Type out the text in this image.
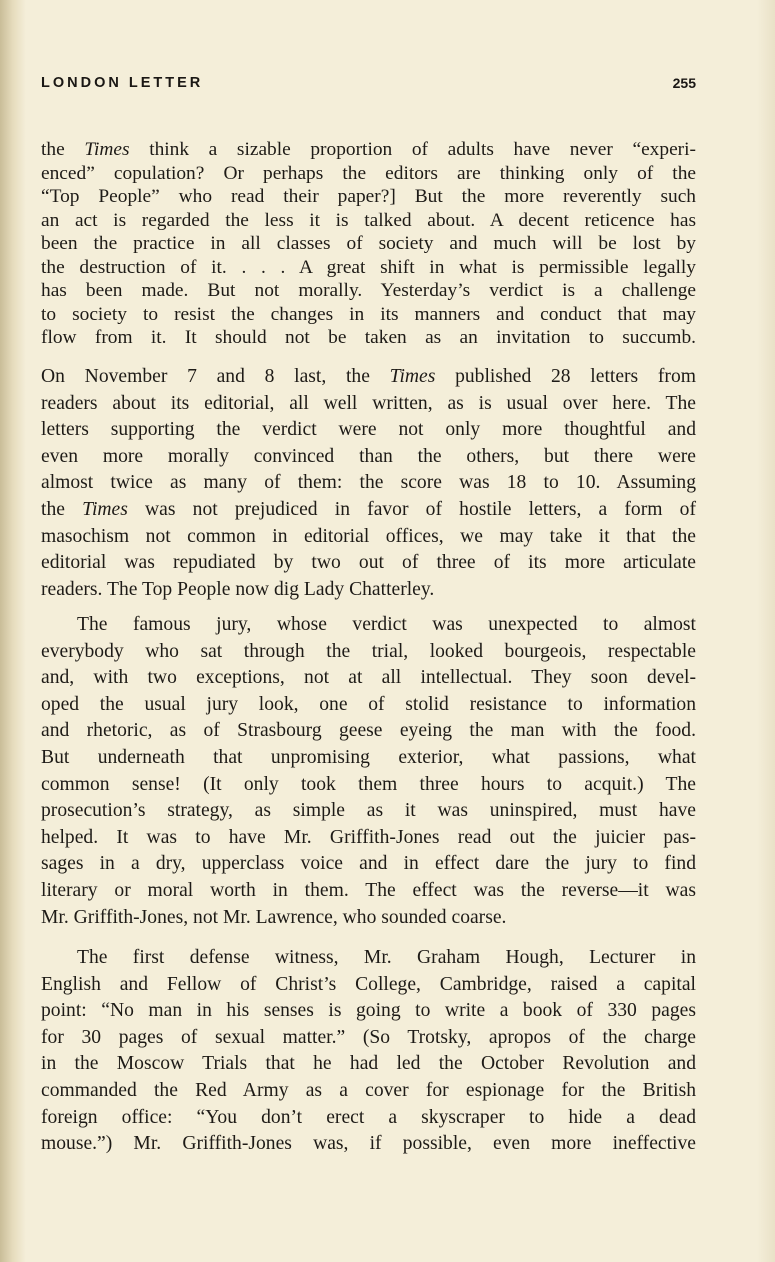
LONDON LETTER	255
the Times think a sizable proportion of adults have never “experi-
enced” copulation? Or perhaps the editors are thinking only of the
“Top People” who read their paper?] But the more reverently such
an act is regarded the less it is talked about. A decent reticence has
been the practice in all classes of society and much will be lost by
the destruction of it. . . . A great shift in what is permissible legally
has been made. But not morally. Yesterday’s verdict is a challenge
to society to resist the changes in its manners and conduct that may
flow from it. It should not be taken as an invitation to succumb.
On November 7 and 8 last, the Times published 28 letters from
readers about its editorial, all well written, as is usual over here. The
letters supporting the verdict were not only more thoughtful and
even more morally convinced than the others, but there were
almost twice as many of them: the score was 18 to 10. Assuming
the Times was not prejudiced in favor of hostile letters, a form of
masochism not common in editorial offices, we may take it that the
editorial was repudiated by two out of three of its more articulate
readers. The Top People now dig Lady Chatterley.
The famous jury, whose verdict was unexpected to almost
everybody who sat through the trial, looked bourgeois, respectable
and, with two exceptions, not at all intellectual. They soon devel-
oped the usual jury look, one of stolid resistance to information
and rhetoric, as of Strasbourg geese eyeing the man with the food.
But underneath that unpromising exterior, what passions, what
common sense! (It only took them three hours to acquit.) The
prosecution’s strategy, as simple as it was uninspired, must have
helped. It was to have Mr. Griffith-Jones read out the juicier pas-
sages in a dry, upperclass voice and in effect dare the jury to find
literary or moral worth in them. The effect was the reverse—it was
Mr. Griffith-Jones, not Mr. Lawrence, who sounded coarse.
The first defense witness, Mr. Graham Hough, Lecturer in
English and Fellow of Christ’s College, Cambridge, raised a capital
point: “No man in his senses is going to write a book of 330 pages
for 30 pages of sexual matter.” (So Trotsky, apropos of the charge
in the Moscow Trials that he had led the October Revolution and
commanded the Red Army as a cover for espionage for the British
foreign office: “You don’t erect a skyscraper to hide a dead
mouse.”) Mr. Griffith-Jones was, if possible, even more ineffective
